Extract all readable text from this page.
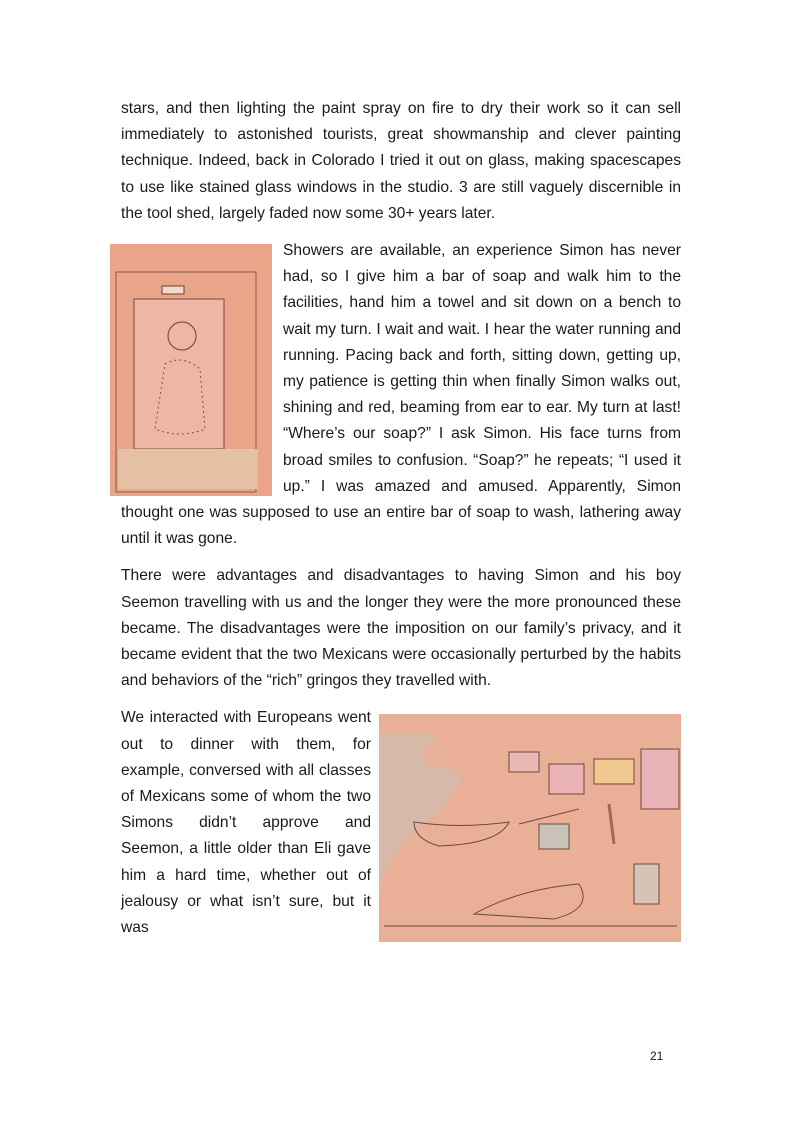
stars, and then lighting the paint spray on fire to dry their work so it can sell immediately to astonished tourists, great showmanship and clever painting technique. Indeed, back in Colorado I tried it out on glass, making spacescapes to use like stained glass windows in the studio. 3 are still vaguely discernible in the tool shed, largely faded now some 30+ years later.

Showers are available, an experience Simon has never had, so I give him a bar of soap and walk him to the facilities, hand him a towel and sit down on a bench to wait my turn. I wait and wait. I hear the water running and running. Pacing back and forth, sitting down, getting up, my patience is getting thin when finally Simon walks out, shining and red, beaming from ear to ear. My turn at last! “Where’s our soap?” I ask Simon. His face turns from broad smiles to confusion. “Soap?” he repeats; “I used it up.” I was amazed and amused. Apparently, Simon thought one was supposed to use an entire bar of soap to wash, lathering away until it was gone.

There were advantages and disadvantages to having Simon and his boy Seemon travelling with us and the longer they were the more pronounced these became. The disadvantages were the imposition on our family’s privacy, and it became evident that the two Mexicans were occasionally perturbed by the habits and behaviors of the “rich” gringos they travelled with.

We interacted with Europeans went out to dinner with them, for example, conversed with all classes of Mexicans some of whom the two Simons didn’t approve and Seemon, a little older than Eli gave him a hard time, whether out of jealousy or what isn’t sure, but it was

21
